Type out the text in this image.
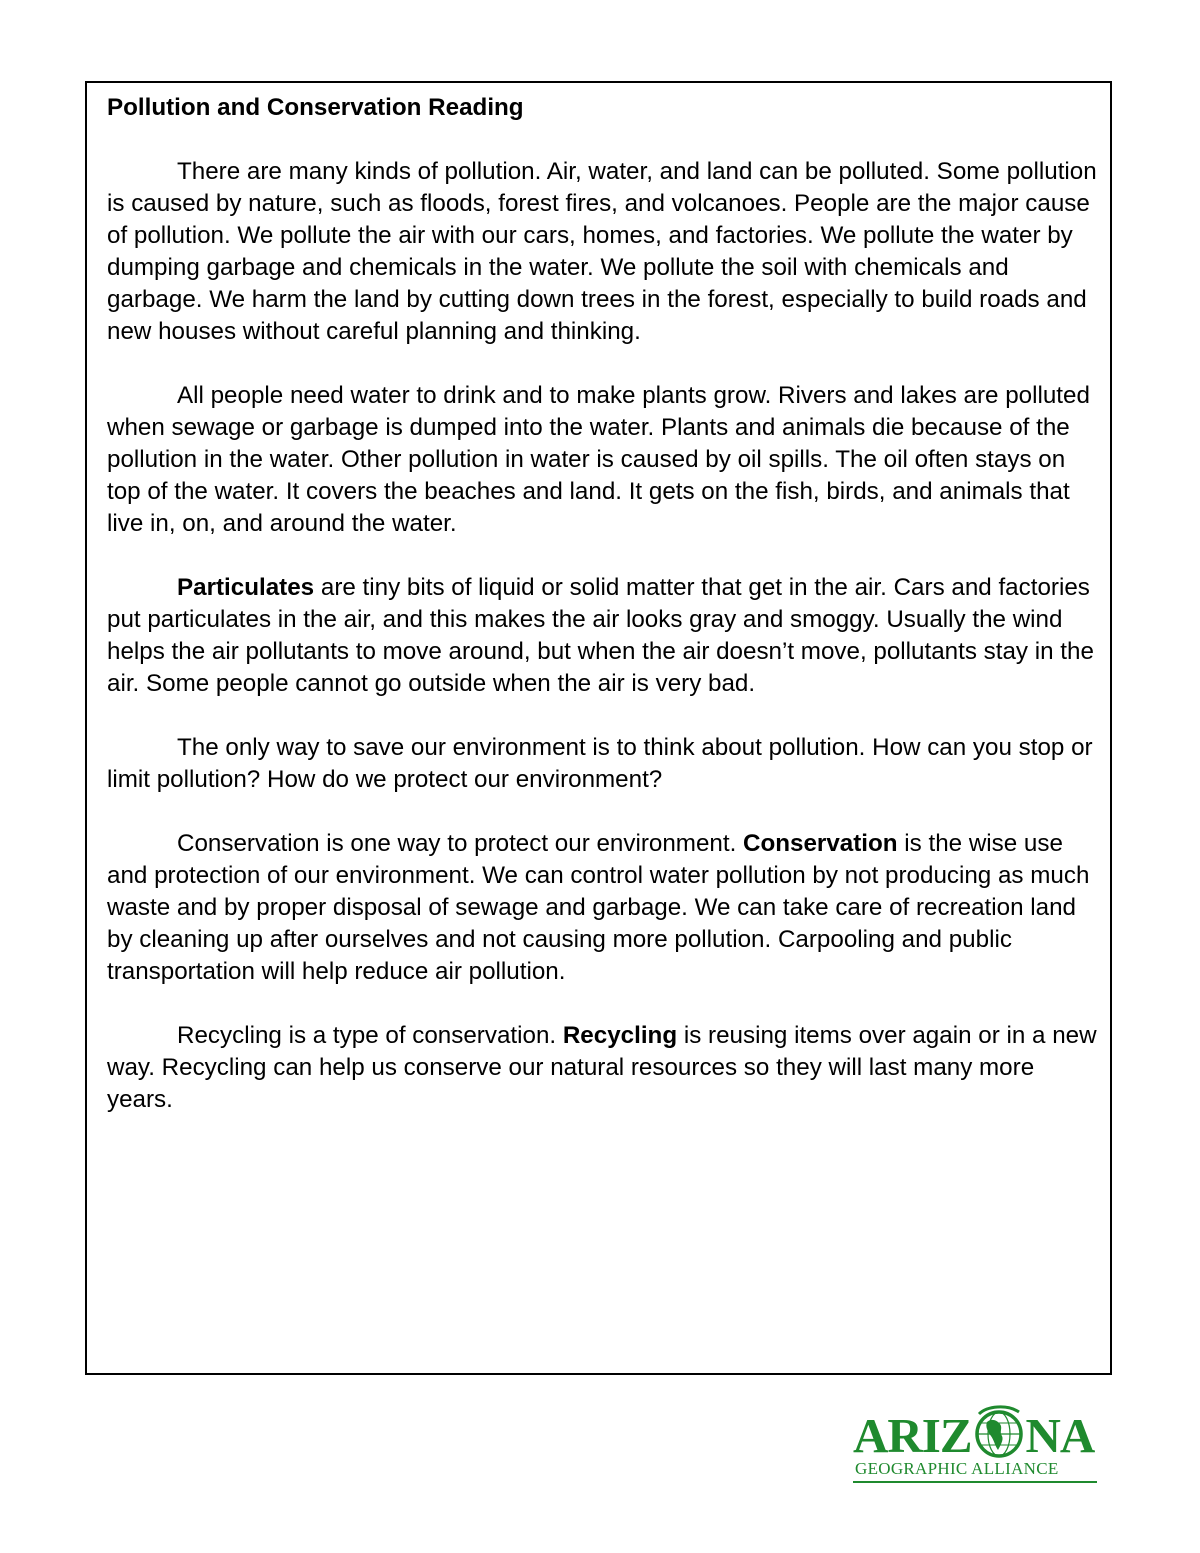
Pollution and Conservation Reading

There are many kinds of pollution. Air, water, and land can be polluted. Some pollution is caused by nature, such as floods, forest fires, and volcanoes. People are the major cause of pollution. We pollute the air with our cars, homes, and factories. We pollute the water by dumping garbage and chemicals in the water. We pollute the soil with chemicals and garbage. We harm the land by cutting down trees in the forest, especially to build roads and new houses without careful planning and thinking.

All people need water to drink and to make plants grow. Rivers and lakes are polluted when sewage or garbage is dumped into the water. Plants and animals die because of the pollution in the water. Other pollution in water is caused by oil spills. The oil often stays on top of the water. It covers the beaches and land. It gets on the fish, birds, and animals that live in, on, and around the water.

Particulates are tiny bits of liquid or solid matter that get in the air. Cars and factories put particulates in the air, and this makes the air looks gray and smoggy. Usually the wind helps the air pollutants to move around, but when the air doesn’t move, pollutants stay in the air. Some people cannot go outside when the air is very bad.

The only way to save our environment is to think about pollution. How can you stop or limit pollution? How do we protect our environment?

Conservation is one way to protect our environment. Conservation is the wise use and protection of our environment. We can control water pollution by not producing as much waste and by proper disposal of sewage and garbage. We can take care of recreation land by cleaning up after ourselves and not causing more pollution. Carpooling and public transportation will help reduce air pollution.

Recycling is a type of conservation. Recycling is reusing items over again or in a new way. Recycling can help us conserve our natural resources so they will last many more years.

ARIZ NA
GEOGRAPHIC ALLIANCE
